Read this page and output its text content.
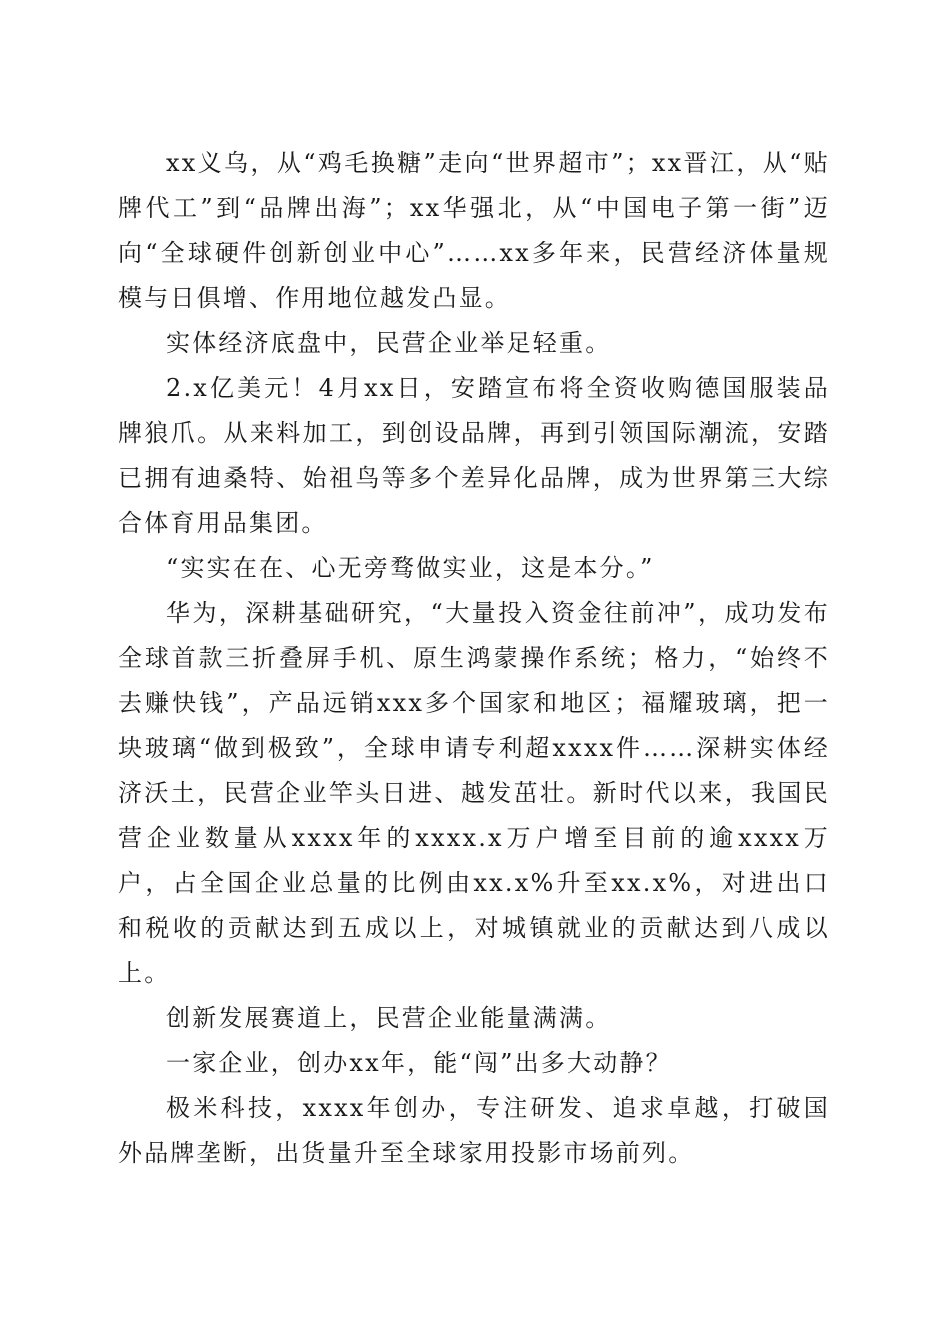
xx义乌，从“鸡毛换糖”走向“世界超市”；xx晋江，从“贴牌代工”到“品牌出海”；xx华强北，从“中国电子第一街”迈向“全球硬件创新创业中心”……xx多年来，民营经济体量规模与日俱增、作用地位越发凸显。

实体经济底盘中，民营企业举足轻重。

2.x亿美元！4月xx日，安踏宣布将全资收购德国服装品牌狼爪。从来料加工，到创设品牌，再到引领国际潮流，安踏已拥有迪桑特、始祖鸟等多个差异化品牌，成为世界第三大综合体育用品集团。

“实实在在、心无旁骛做实业，这是本分。”

华为，深耕基础研究，“大量投入资金往前冲”，成功发布全球首款三折叠屏手机、原生鸿蒙操作系统；格力，“始终不去赚快钱”，产品远销xxx多个国家和地区；福耀玻璃，把一块玻璃“做到极致”，全球申请专利超xxxx件……深耕实体经济沃土，民营企业竿头日进、越发茁壮。新时代以来，我国民营企业数量从xxxx年的xxxx.x万户增至目前的逾xxxx万户，占全国企业总量的比例由xx.x%升至xx.x%，对进出口和税收的贡献达到五成以上，对城镇就业的贡献达到八成以上。

创新发展赛道上，民营企业能量满满。

一家企业，创办xx年，能“闯”出多大动静？

极米科技，xxxx年创办，专注研发、追求卓越，打破国外品牌垄断，出货量升至全球家用投影市场前列。
